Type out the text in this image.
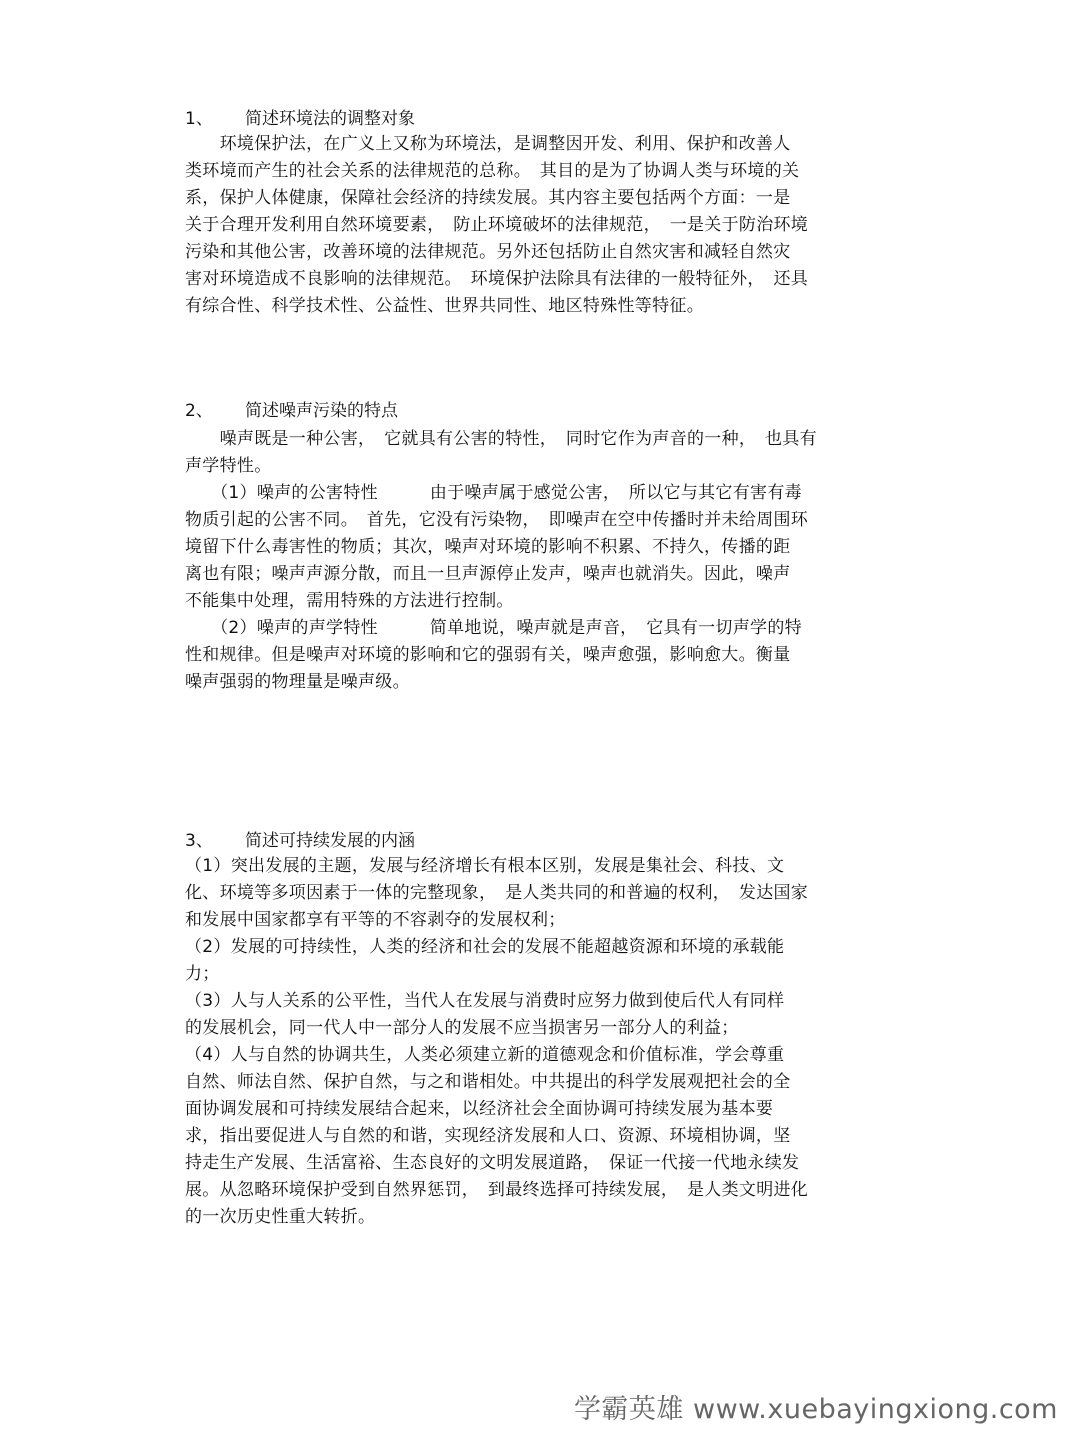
1、 简述环境法的调整对象
　　环境保护法，在广义上又称为环境法，是调整因开发、利用、保护和改善人
类环境而产生的社会关系的法律规范的总称。　其目的是为了协调人类与环境的关
系，保护人体健康，保障社会经济的持续发展。其内容主要包括两个方面：一是
关于合理开发利用自然环境要素，　防止环境破坏的法律规范，　一是关于防治环境
污染和其他公害，改善环境的法律规范。另外还包括防止自然灾害和减轻自然灾
害对环境造成不良影响的法律规范。　环境保护法除具有法律的一般特征外，　还具
有综合性、科学技术性、公益性、世界共同性、地区特殊性等特征。
2、 简述噪声污染的特点
　　噪声既是一种公害，　它就具有公害的特性，　同时它作为声音的一种，　也具有
声学特性。
　　（1）噪声的公害特性　　　由于噪声属于感觉公害，　所以它与其它有害有毒
物质引起的公害不同。　首先，它没有污染物，　即噪声在空中传播时并未给周围环
境留下什么毒害性的物质；其次，噪声对环境的影响不积累、不持久，传播的距
离也有限；噪声声源分散，而且一旦声源停止发声，噪声也就消失。因此，噪声
不能集中处理，需用特殊的方法进行控制。
　　（2）噪声的声学特性　　　简单地说，噪声就是声音，　它具有一切声学的特
性和规律。但是噪声对环境的影响和它的强弱有关，噪声愈强，影响愈大。衡量
噪声强弱的物理量是噪声级。
3、 简述可持续发展的内涵
（1）突出发展的主题，发展与经济增长有根本区别，发展是集社会、科技、文
化、环境等多项因素于一体的完整现象，　是人类共同的和普遍的权利，　发达国家
和发展中国家都享有平等的不容剥夺的发展权利；
（2）发展的可持续性，人类的经济和社会的发展不能超越资源和环境的承载能
力；
（3）人与人关系的公平性，当代人在发展与消费时应努力做到使后代人有同样
的发展机会，同一代人中一部分人的发展不应当损害另一部分人的利益；
（4）人与自然的协调共生，人类必须建立新的道德观念和价值标准，学会尊重
自然、师法自然、保护自然，与之和谐相处。中共提出的科学发展观把社会的全
面协调发展和可持续发展结合起来，以经济社会全面协调可持续发展为基本要
求，指出要促进人与自然的和谐，实现经济发展和人口、资源、环境相协调，坚
持走生产发展、生活富裕、生态良好的文明发展道路，　保证一代接一代地永续发
展。从忽略环境保护受到自然界惩罚，　到最终选择可持续发展，　是人类文明进化
的一次历史性重大转折。
学霸英雄 www.xuebayingxiong.com
